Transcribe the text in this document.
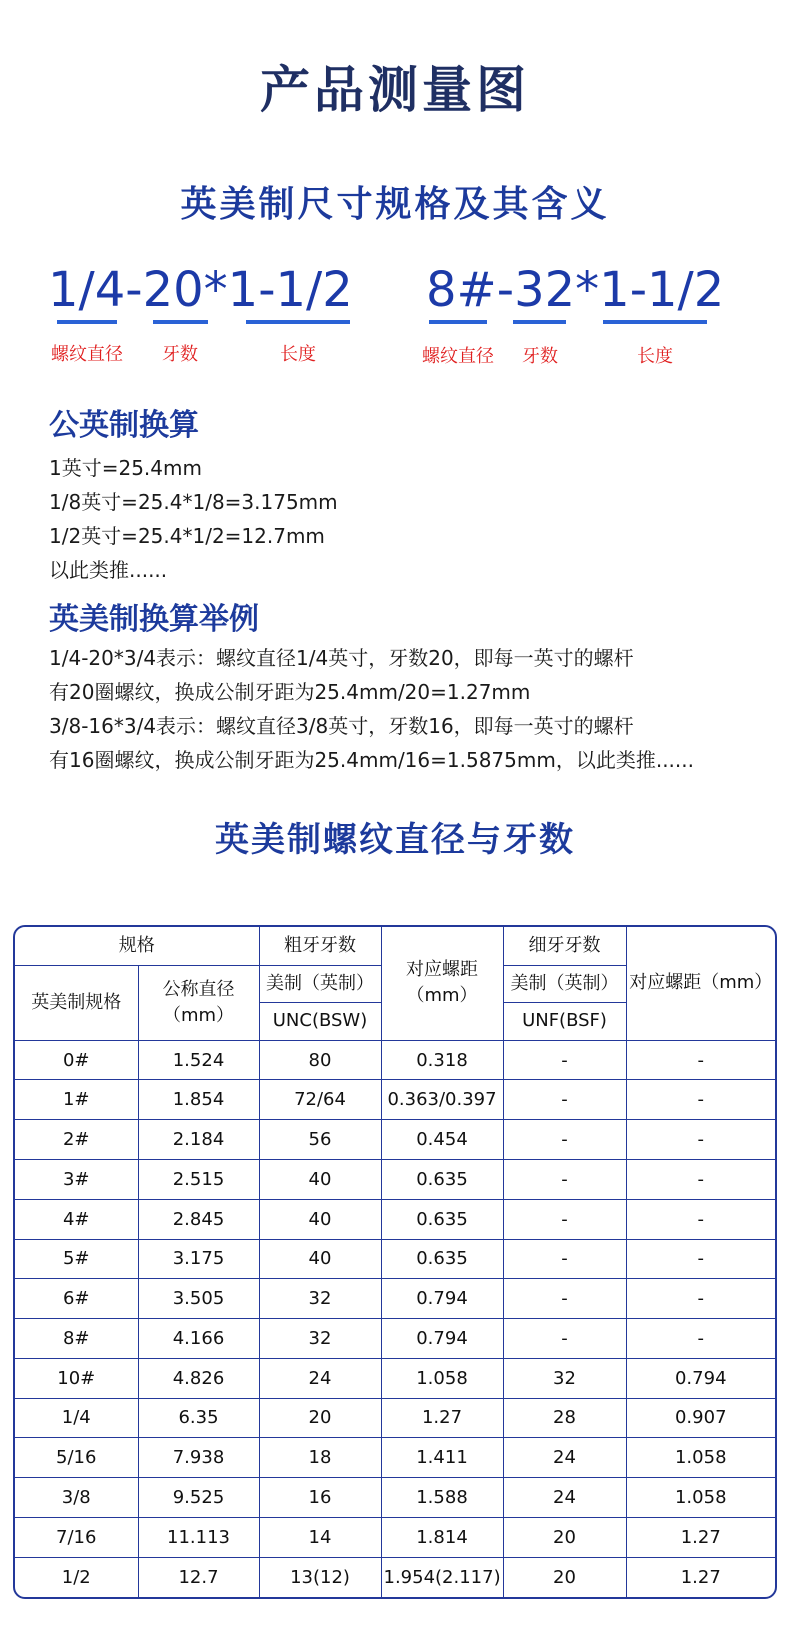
产品测量图
英美制尺寸规格及其含义
1/4-20*1-1/2
螺纹直径	牙数	长度
8#-32*1-1/2
螺纹直径	牙数	长度
公英制换算
1英寸=25.4mm
1/8英寸=25.4*1/8=3.175mm
1/2英寸=25.4*1/2=12.7mm
以此类推......
英美制换算举例
1/4-20*3/4表示：螺纹直径1/4英寸，牙数20，即每一英寸的螺杆
有20圈螺纹，换成公制牙距为25.4mm/20=1.27mm
3/8-16*3/4表示：螺纹直径3/8英寸，牙数16，即每一英寸的螺杆
有16圈螺纹，换成公制牙距为25.4mm/16=1.5875mm，以此类推......
英美制螺纹直径与牙数
规格		粗牙牙数	对应螺距（mm）	细牙牙数	对应螺距（mm）
英美制规格	公称直径（mm）	美制（英制）		美制（英制）	
		UNC(BSW)		UNF(BSF)	
0#	1.524	80	0.318	-	-
1#	1.854	72/64	0.363/0.397	-	-
2#	2.184	56	0.454	-	-
3#	2.515	40	0.635	-	-
4#	2.845	40	0.635	-	-
5#	3.175	40	0.635	-	-
6#	3.505	32	0.794	-	-
8#	4.166	32	0.794	-	-
10#	4.826	24	1.058	32	0.794
1/4	6.35	20	1.27	28	0.907
5/16	7.938	18	1.411	24	1.058
3/8	9.525	16	1.588	24	1.058
7/16	11.113	14	1.814	20	1.27
1/2	12.7	13(12)	1.954(2.117)	20	1.27
